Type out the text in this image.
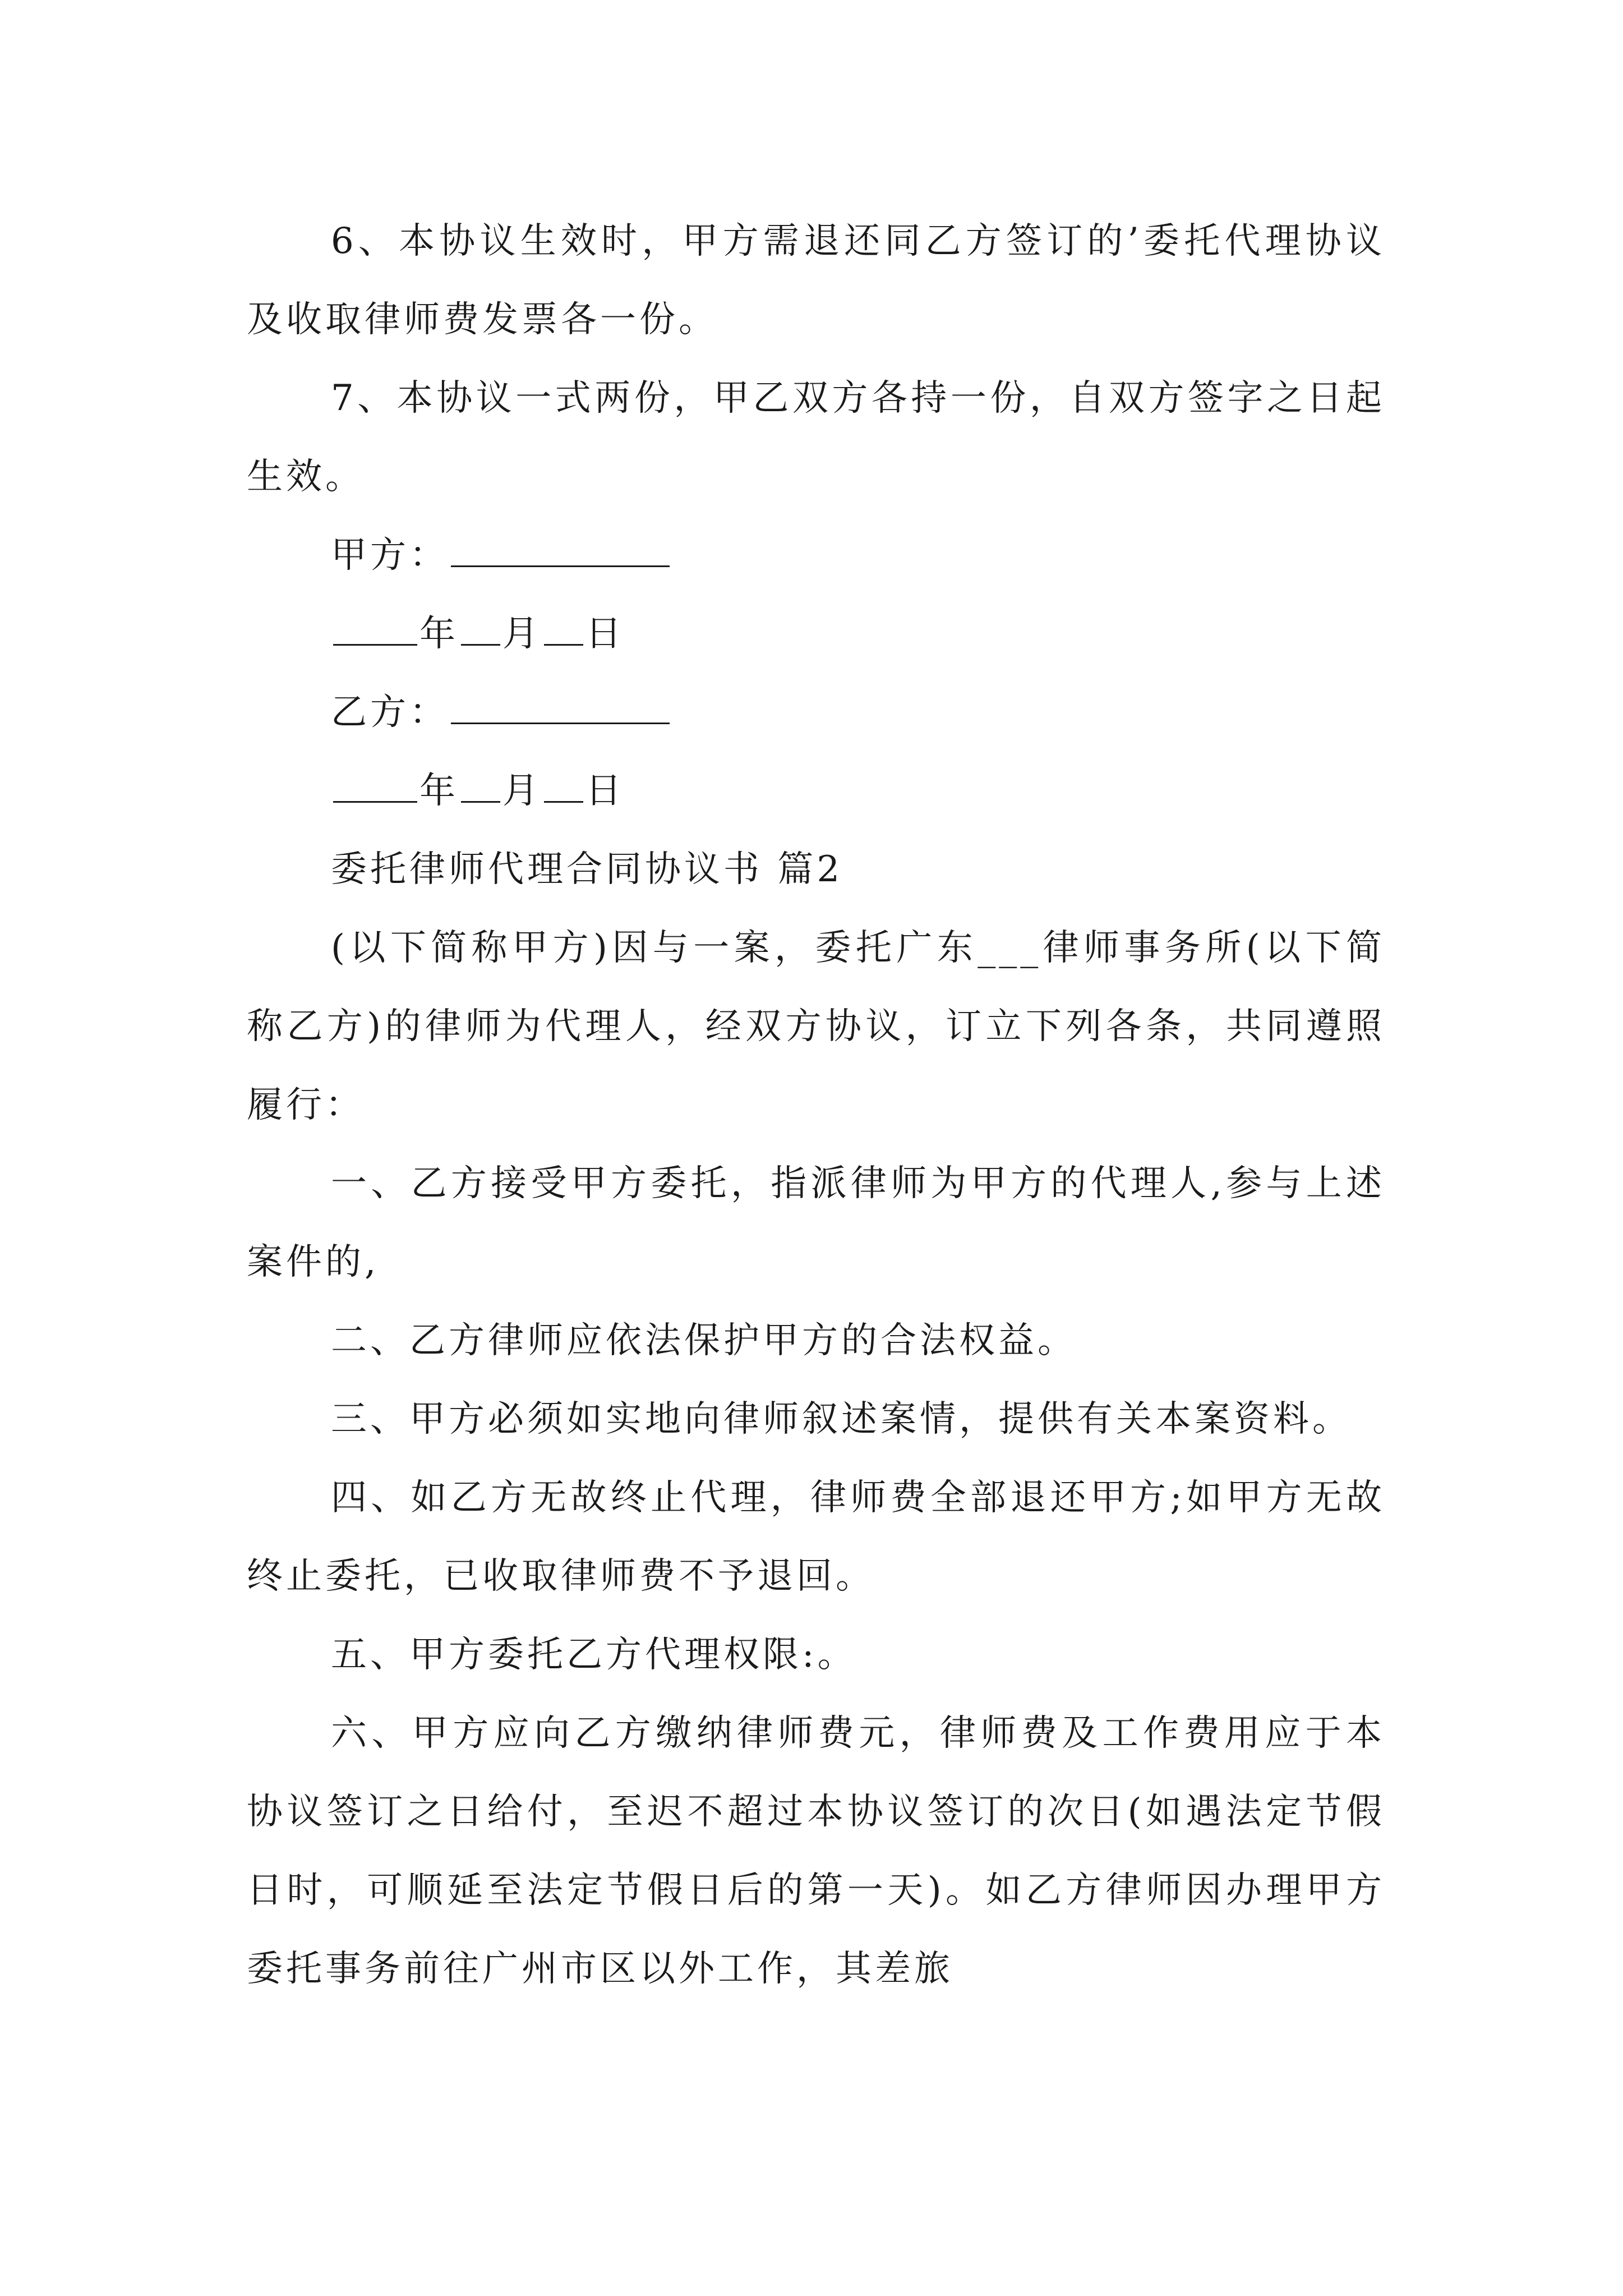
6、本协议生效时，甲方需退还同乙方签订的’委托代理协议及收取律师费发票各一份。

7、本协议一式两份，甲乙双方各持一份，自双方签字之日起生效。

甲方：

年 月 日

乙方：

年 月 日

委托律师代理合同协议书 篇2

(以下简称甲方)因与一案，委托广东___律师事务所(以下简称乙方)的律师为代理人，经双方协议，订立下列各条，共同遵照履行：

一、乙方接受甲方委托，指派律师为甲方的代理人,参与上述案件的,

二、乙方律师应依法保护甲方的合法权益。

三、甲方必须如实地向律师叙述案情，提供有关本案资料。

四、如乙方无故终止代理，律师费全部退还甲方;如甲方无故终止委托，已收取律师费不予退回。

五、甲方委托乙方代理权限:。

六、甲方应向乙方缴纳律师费元，律师费及工作费用应于本协议签订之日给付，至迟不超过本协议签订的次日(如遇法定节假日时，可顺延至法定节假日后的第一天)。如乙方律师因办理甲方委托事务前往广州市区以外工作，其差旅
